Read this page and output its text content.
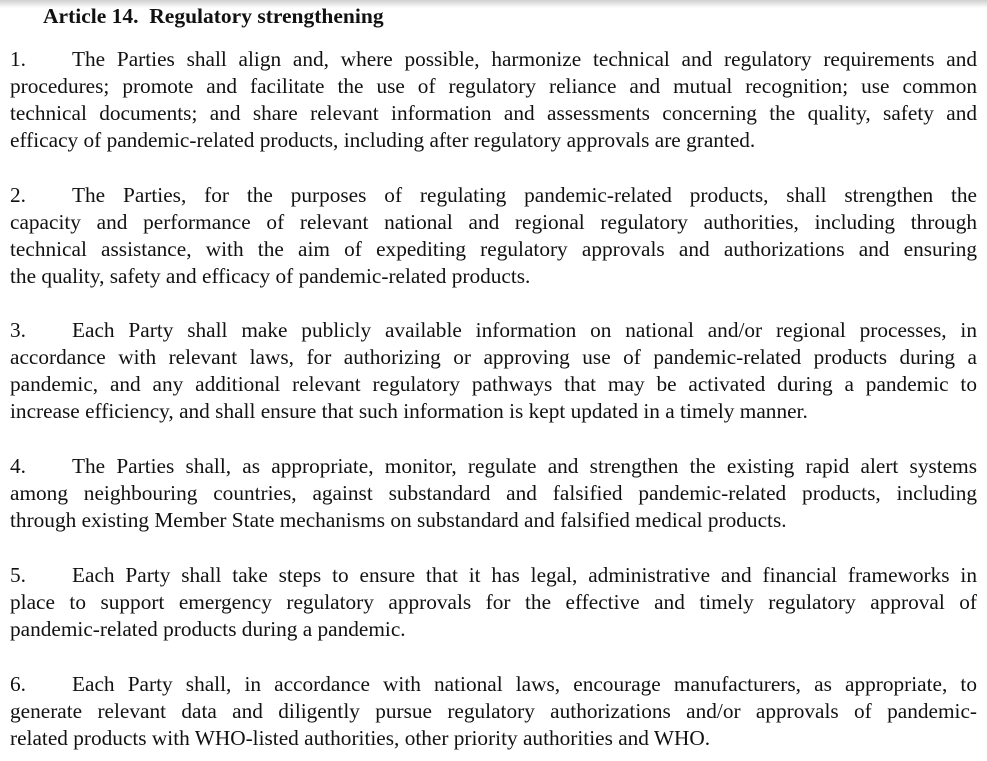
Article 14.  Regulatory strengthening
1.	The Parties shall align and, where possible, harmonize technical and regulatory requirements and
procedures; promote and facilitate the use of regulatory reliance and mutual recognition; use common
technical documents; and share relevant information and assessments concerning the quality, safety and
efficacy of pandemic-related products, including after regulatory approvals are granted.
2.	The Parties, for the purposes of regulating pandemic-related products, shall strengthen the
capacity and performance of relevant national and regional regulatory authorities, including through
technical assistance, with the aim of expediting regulatory approvals and authorizations and ensuring
the quality, safety and efficacy of pandemic-related products.
3.	Each Party shall make publicly available information on national and/or regional processes, in
accordance with relevant laws, for authorizing or approving use of pandemic-related products during a
pandemic, and any additional relevant regulatory pathways that may be activated during a pandemic to
increase efficiency, and shall ensure that such information is kept updated in a timely manner.
4.	The Parties shall, as appropriate, monitor, regulate and strengthen the existing rapid alert systems
among neighbouring countries, against substandard and falsified pandemic-related products, including
through existing Member State mechanisms on substandard and falsified medical products.
5.	Each Party shall take steps to ensure that it has legal, administrative and financial frameworks in
place to support emergency regulatory approvals for the effective and timely regulatory approval of
pandemic-related products during a pandemic.
6.	Each Party shall, in accordance with national laws, encourage manufacturers, as appropriate, to
generate relevant data and diligently pursue regulatory authorizations and/or approvals of pandemic-
related products with WHO-listed authorities, other priority authorities and WHO.
